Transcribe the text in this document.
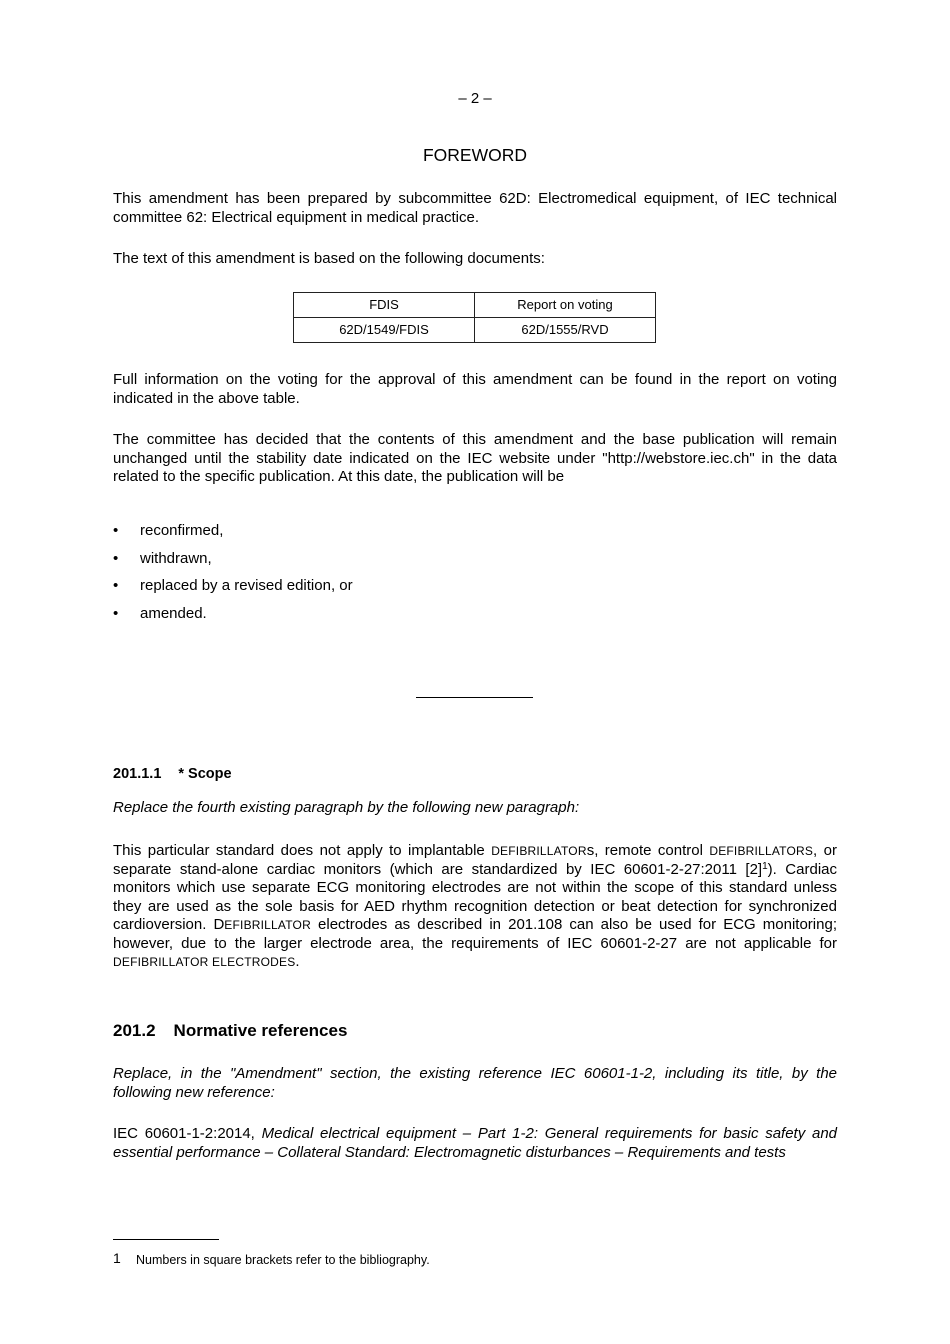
– 2 –
FOREWORD
This amendment has been prepared by subcommittee 62D: Electromedical equipment, of IEC technical committee 62: Electrical equipment in medical practice.
The text of this amendment is based on the following documents:
FDIS	Report on voting
62D/1549/FDIS	62D/1555/RVD
Full information on the voting for the approval of this amendment can be found in the report on voting indicated in the above table.
The committee has decided that the contents of this amendment and the base publication will remain unchanged until the stability date indicated on the IEC website under "http://webstore.iec.ch" in the data related to the specific publication. At this date, the publication will be
• reconfirmed,
• withdrawn,
• replaced by a revised edition, or
• amended.
201.1.1 * Scope
Replace the fourth existing paragraph by the following new paragraph:
This particular standard does not apply to implantable DEFIBRILLATORs, remote control DEFIBRILLATORS, or separate stand-alone cardiac monitors (which are standardized by IEC 60601-2-27:2011 $[2]^1$). Cardiac monitors which use separate ECG monitoring electrodes are not within the scope of this standard unless they are used as the sole basis for AED rhythm recognition detection or beat detection for synchronized cardioversion. DEFIBRILLATOR electrodes as described in 201.108 can also be used for ECG monitoring; however, due to the larger electrode area, the requirements of IEC 60601-2-27 are not applicable for DEFIBRILLATOR ELECTRODES.
201.2 Normative references
Replace, in the "Amendment" section, the existing reference IEC 60601-1-2, including its title, by the following new reference:
IEC 60601-1-2:2014, Medical electrical equipment – Part 1-2: General requirements for basic safety and essential performance – Collateral Standard: Electromagnetic disturbances – Requirements and tests
1 Numbers in square brackets refer to the bibliography.
